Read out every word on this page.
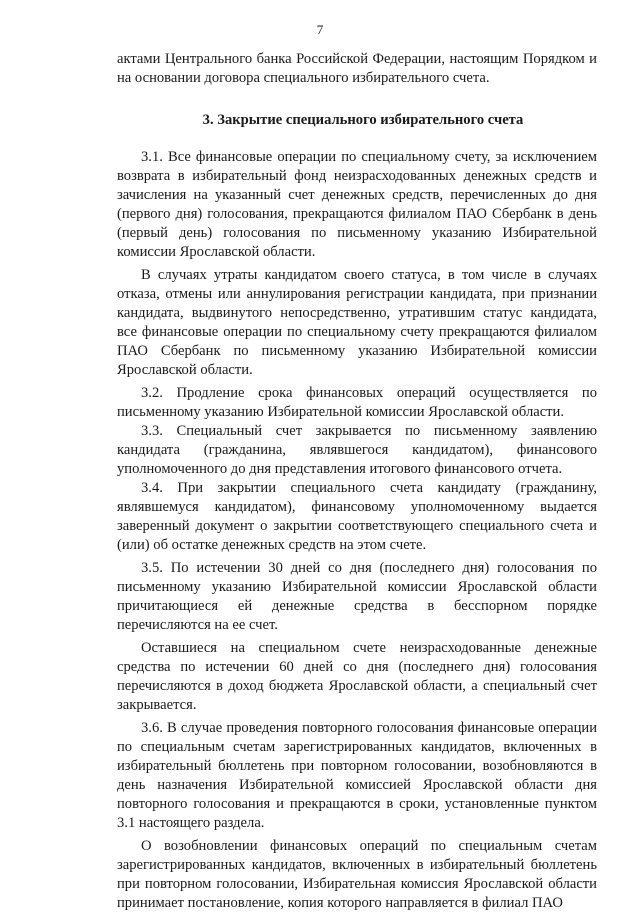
7

актами Центрального банка Российской Федерации, настоящим Порядком и на основании договора специального избирательного счета.

3. Закрытие специального избирательного счета

3.1. Все финансовые операции по специальному счету, за исключением возврата в избирательный фонд неизрасходованных денежных средств и зачисления на указанный счет денежных средств, перечисленных до дня (первого дня) голосования, прекращаются филиалом ПАО Сбербанк в день (первый день) голосования по письменному указанию Избирательной комиссии Ярославской области.

В случаях утраты кандидатом своего статуса, в том числе в случаях отказа, отмены или аннулирования регистрации кандидата, при признании кандидата, выдвинутого непосредственно, утратившим статус кандидата, все финансовые операции по специальному счету прекращаются филиалом ПАО Сбербанк по письменному указанию Избирательной комиссии Ярославской области.

3.2. Продление срока финансовых операций осуществляется по письменному указанию Избирательной комиссии Ярославской области.

3.3. Специальный счет закрывается по письменному заявлению кандидата (гражданина, являвшегося кандидатом), финансового уполномоченного до дня представления итогового финансового отчета.

3.4. При закрытии специального счета кандидату (гражданину, являвшемуся кандидатом), финансовому уполномоченному выдается заверенный документ о закрытии соответствующего специального счета и (или) об остатке денежных средств на этом счете.

3.5. По истечении 30 дней со дня (последнего дня) голосования по письменному указанию Избирательной комиссии Ярославской области причитающиеся ей денежные средства в бесспорном порядке перечисляются на ее счет.

Оставшиеся на специальном счете неизрасходованные денежные средства по истечении 60 дней со дня (последнего дня) голосования перечисляются в доход бюджета Ярославской области, а специальный счет закрывается.

3.6. В случае проведения повторного голосования финансовые операции по специальным счетам зарегистрированных кандидатов, включенных в избирательный бюллетень при повторном голосовании, возобновляются в день назначения Избирательной комиссией Ярославской области дня повторного голосования и прекращаются в сроки, установленные пунктом 3.1 настоящего раздела.

О возобновлении финансовых операций по специальным счетам зарегистрированных кандидатов, включенных в избирательный бюллетень при повторном голосовании, Избирательная комиссия Ярославской области принимает постановление, копия которого направляется в филиал ПАО
